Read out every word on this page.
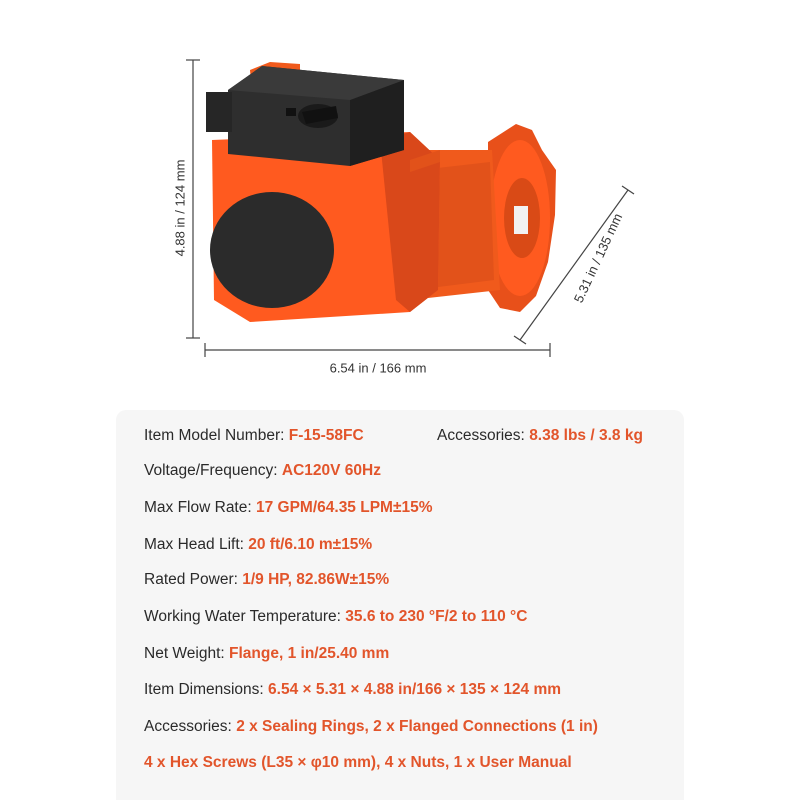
4.88 in / 124 mm
6.54 in / 166 mm
5.31 in / 135 mm
Item Model Number: F-15-58FC	Accessories: 8.38 lbs / 3.8 kg
Voltage/Frequency: AC120V 60Hz
Max Flow Rate: 17 GPM/64.35 LPM±15%
Max Head Lift: 20 ft/6.10 m±15%
Rated Power: 1/9 HP, 82.86W±15%
Working Water Temperature: 35.6 to 230 °F/2 to 110 °C
Net Weight: Flange, 1 in/25.40 mm
Item Dimensions: 6.54 × 5.31 × 4.88 in/166 × 135 × 124 mm
Accessories: 2 x Sealing Rings, 2 x Flanged Connections (1 in)
4 x Hex Screws (L35 × φ10 mm), 4 x Nuts, 1 x User Manual
